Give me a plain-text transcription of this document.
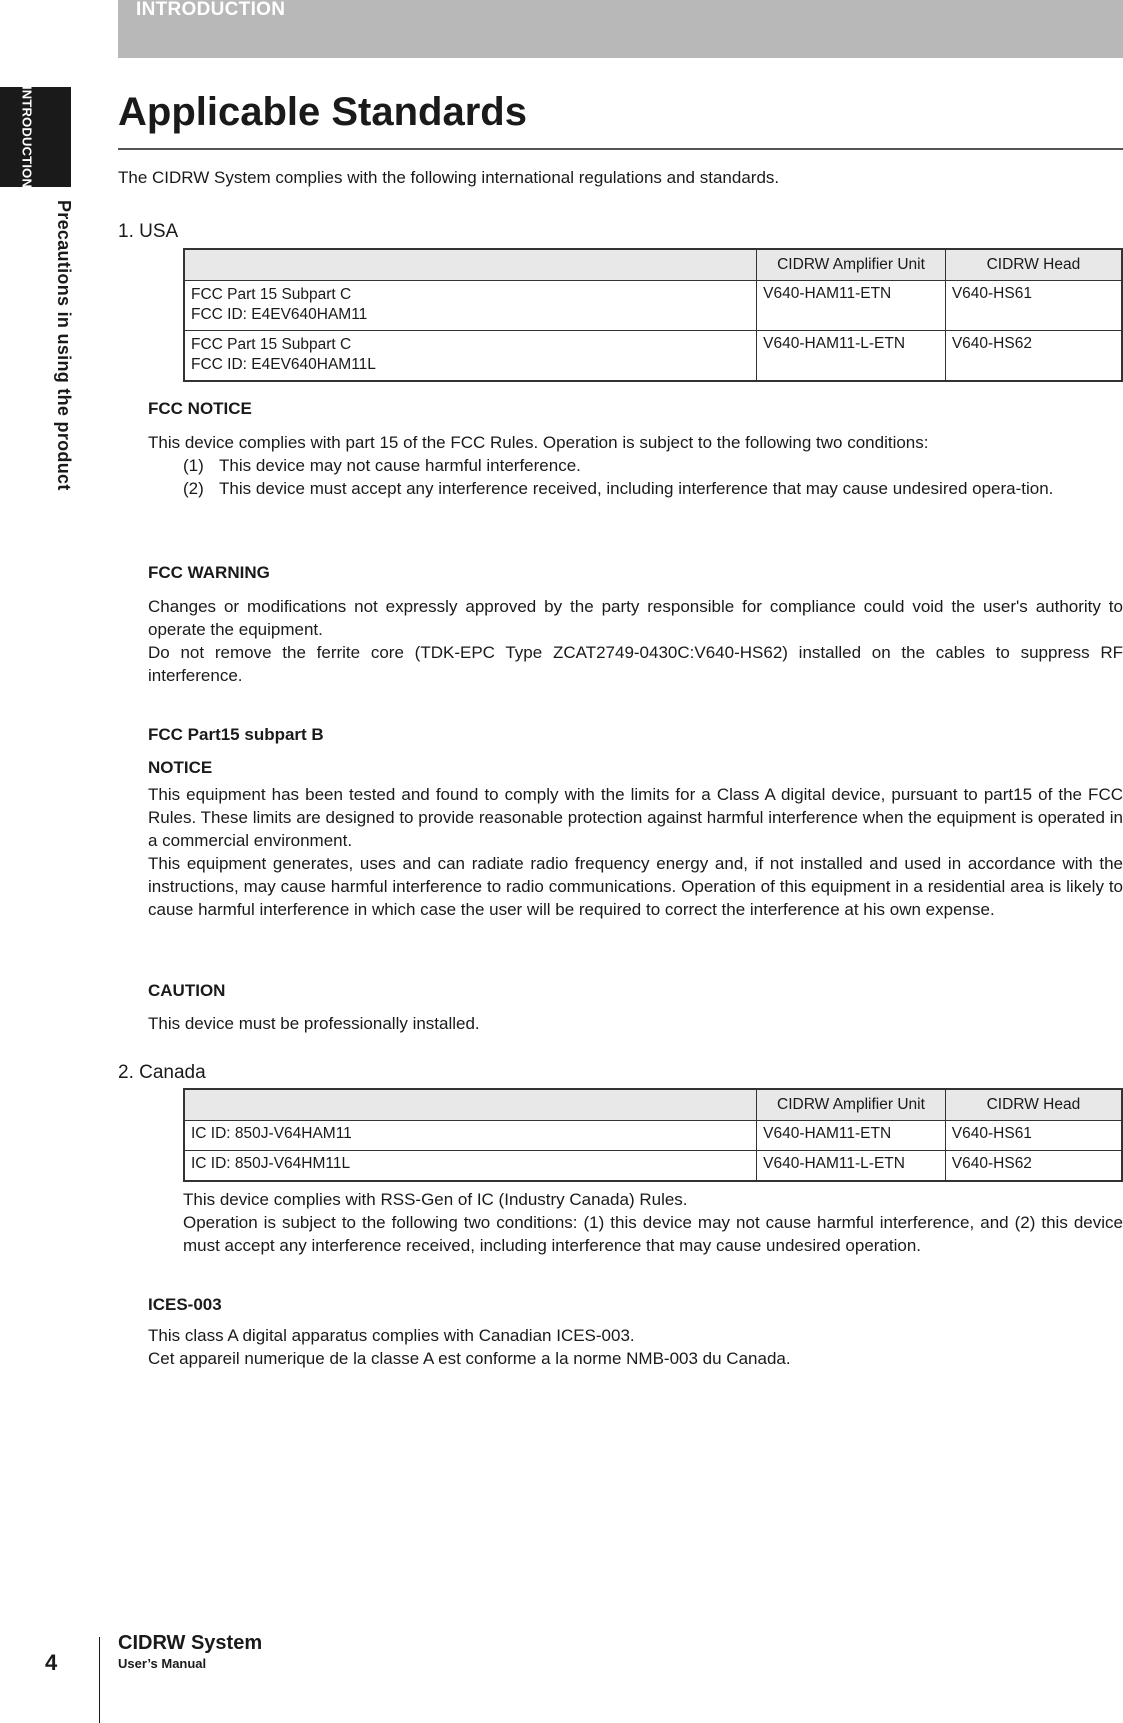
INTRODUCTION
INTRODUCTION
Precautions in using the product
Applicable Standards

The CIDRW System complies with the following international regulations and standards.

1. USA

	CIDRW Amplifier Unit	CIDRW Head

FCC Part 15 Subpart C
FCC ID: E4EV640HAM11	V640-HAM11-ETN	V640-HS61

FCC Part 15 Subpart C
FCC ID: E4EV640HAM11L	V640-HAM11-L-ETN	V640-HS62

FCC NOTICE

This device complies with part 15 of the FCC Rules. Operation is subject to the following two conditions:

(1) This device may not cause harmful interference.
(2) This device must accept any interference received, including interference that may cause undesired opera-tion.

FCC WARNING

Changes or modifications not expressly approved by the party responsible for compliance could void the user's authority to operate the equipment.

Do not remove the ferrite core (TDK-EPC Type ZCAT2749-0430C:V640-HS62) installed on the cables to suppress RF interference.

FCC Part15 subpart B

NOTICE

This equipment has been tested and found to comply with the limits for a Class A digital device, pursuant to part15 of the FCC Rules. These limits are designed to provide reasonable protection against harmful interference when the equipment is operated in a commercial environment.

This equipment generates, uses and can radiate radio frequency energy and, if not installed and used in accordance with the instructions, may cause harmful interference to radio communications. Operation of this equipment in a residential area is likely to cause harmful interference in which case the user will be required to correct the interference at his own expense.

CAUTION

This device must be professionally installed.

2. Canada

	CIDRW Amplifier Unit	CIDRW Head
IC ID: 850J-V64HAM11	V640-HAM11-ETN	V640-HS61
IC ID: 850J-V64HM11L	V640-HAM11-L-ETN	V640-HS62

This device complies with RSS-Gen of IC (Industry Canada) Rules.

Operation is subject to the following two conditions: (1) this device may not cause harmful interference, and (2) this device must accept any interference received, including interference that may cause undesired operation.

ICES-003

This class A digital apparatus complies with Canadian ICES-003.

Cet appareil numerique de la classe A est conforme a la norme NMB-003 du Canada.

4
CIDRW System
User’s Manual
